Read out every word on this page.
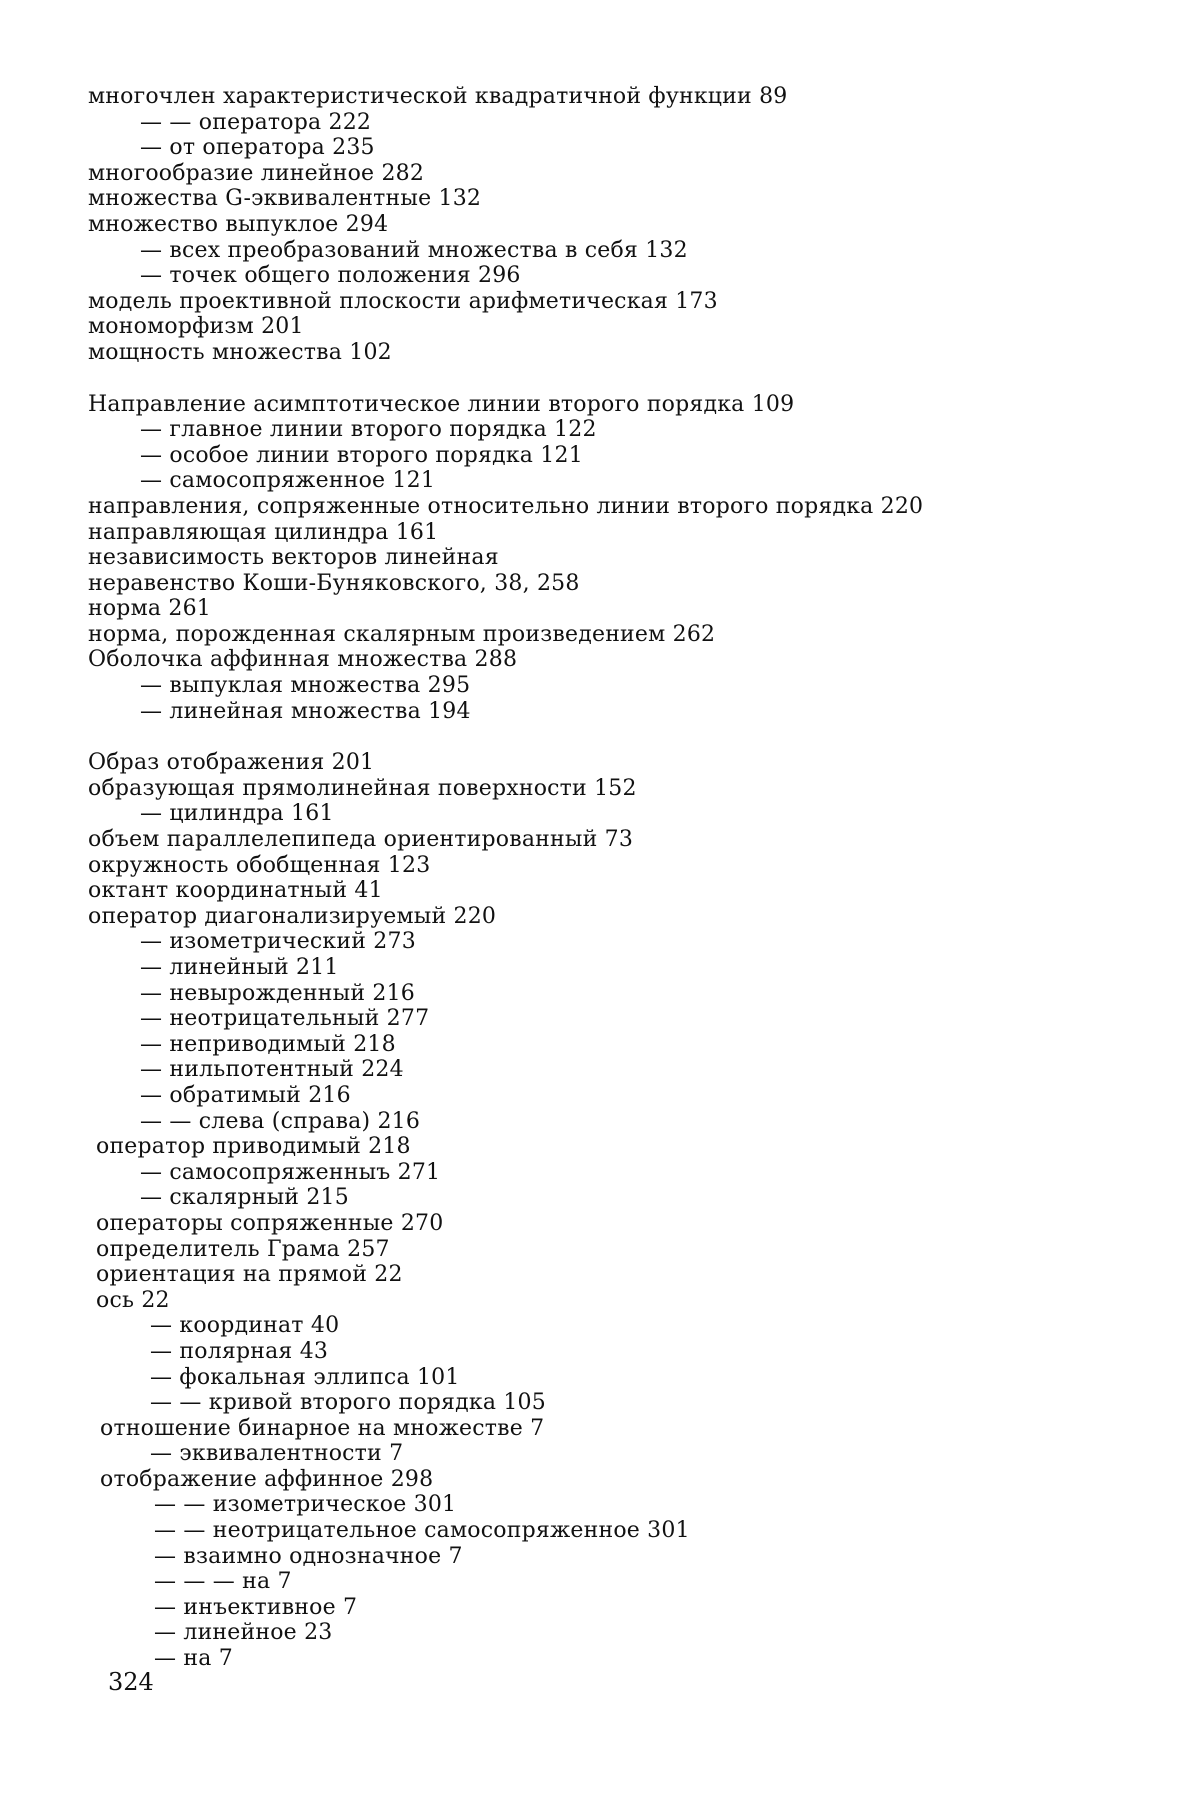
многочлен характеристической квадратичной функции 89
— — оператора 222
— от оператора 235
многообразие линейное 282
множества G-эквивалентные 132
множество выпуклое 294
— всех преобразований множества в себя 132
— точек общего положения 296
модель проективной плоскости арифметическая 173
мономорфизм 201
мощность множества 102
Направление асимптотическое линии второго порядка 109
— главное линии второго порядка 122
— особое линии второго порядка 121
— самосопряженное 121
направления, сопряженные относительно линии второго порядка 220
направляющая цилиндра 161
независимость векторов линейная
неравенство Коши-Буняковского, 38, 258
норма 261
норма, порожденная скалярным произведением 262
Оболочка аффинная множества 288
— выпуклая множества 295
— линейная множества 194
Образ отображения 201
образующая прямолинейная поверхности 152
— цилиндра 161
объем параллелепипеда ориентированный 73
окружность обобщенная 123
октант координатный 41
оператор диагонализируемый 220
— изометрический 273
— линейный 211
— невырожденный 216
— неотрицательный 277
— неприводимый 218
— нильпотентный 224
— обратимый 216
— — слева (справа) 216
оператор приводимый 218
— самосопряженныъ 271
— скалярный 215
операторы сопряженные 270
определитель Грама 257
ориентация на прямой 22
ось 22
— координат 40
— полярная 43
— фокальная эллипса 101
— — кривой второго порядка 105
отношение бинарное на множестве 7
— эквивалентности 7
отображение аффинное 298
— — изометрическое 301
— — неотрицательное самосопряженное 301
— взаимно однозначное 7
— — — на 7
— инъективное 7
— линейное 23
— на 7
324
